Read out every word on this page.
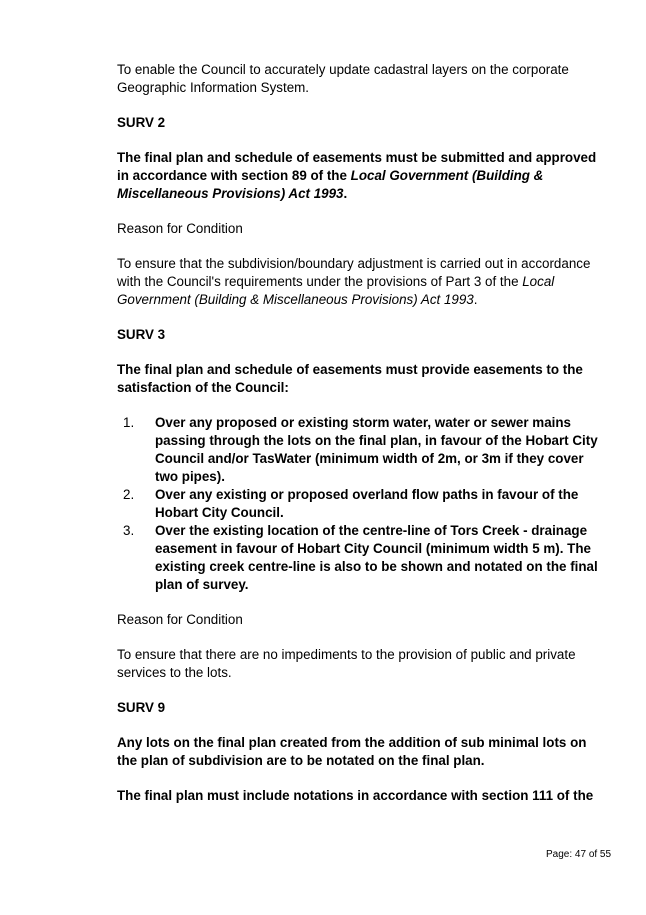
To enable the Council to accurately update cadastral layers on the corporate Geographic Information System.

SURV 2

The final plan and schedule of easements must be submitted and approved in accordance with section 89 of the Local Government (Building & Miscellaneous Provisions) Act 1993.

Reason for Condition

To ensure that the subdivision/boundary adjustment is carried out in accordance with the Council's requirements under the provisions of Part 3 of the Local Government (Building & Miscellaneous Provisions) Act 1993.

SURV 3

The final plan and schedule of easements must provide easements to the satisfaction of the Council:

1. Over any proposed or existing storm water, water or sewer mains passing through the lots on the final plan, in favour of the Hobart City Council and/or TasWater (minimum width of 2m, or 3m if they cover two pipes).
2. Over any existing or proposed overland flow paths in favour of the Hobart City Council.
3. Over the existing location of the centre-line of Tors Creek - drainage easement in favour of Hobart City Council (minimum width 5 m). The existing creek centre-line is also to be shown and notated on the final plan of survey.

Reason for Condition

To ensure that there are no impediments to the provision of public and private services to the lots.

SURV 9

Any lots on the final plan created from the addition of sub minimal lots on the plan of subdivision are to be notated on the final plan.

The final plan must include notations in accordance with section 111 of the

Page: 47 of 55
